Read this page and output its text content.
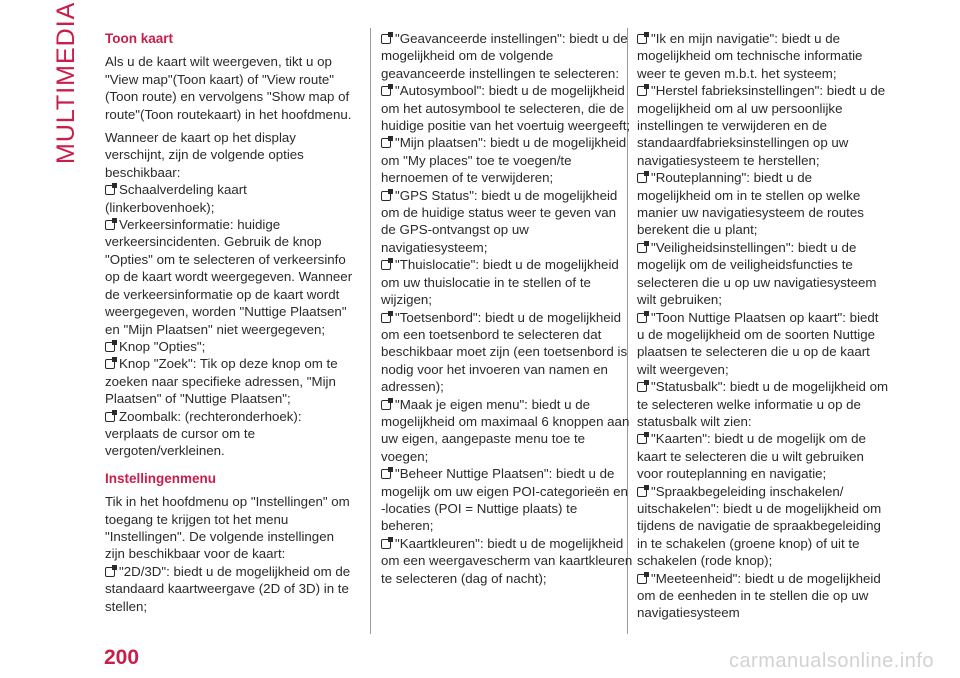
MULTIMEDIA Toon kaart
Als u de kaart wilt weergeven, tikt u op "View map"(Toon kaart) of "View route"(Toon route) en vervolgens "Show map of route"(Toon routekaart) in het hoofdmenu.
Wanneer de kaart op het display verschijnt, zijn de volgende opties beschikbaar:
Schaalverdeling kaart (linkerbovenhoek);
Verkeersinformatie: huidige verkeersincidenten. Gebruik de knop "Opties" om te selecteren of verkeersinfo op de kaart wordt weergegeven. Wanneer de verkeersinformatie op de kaart wordt weergegeven, worden "Nuttige Plaatsen" en "Mijn Plaatsen" niet weergegeven;
Knop "Opties";
Knop "Zoek": Tik op deze knop om te zoeken naar specifieke adressen, "Mijn Plaatsen" of "Nuttige Plaatsen";
Zoombalk: (rechteronderhoek): verplaats de cursor om te vergoten/verkleinen.
Instellingenmenu
Tik in het hoofdmenu op "Instellingen" om toegang te krijgen tot het menu "Instellingen". De volgende instellingen zijn beschikbaar voor de kaart:
"2D/3D": biedt u de mogelijkheid om de standaard kaartweergave (2D of 3D) in te stellen;
"Geavanceerde instellingen": biedt u de mogelijkheid om de volgende geavanceerde instellingen te selecteren:
"Autosymbool": biedt u de mogelijkheid om het autosymbool te selecteren, die de huidige positie van het voertuig weergeeft;
"Mijn plaatsen": biedt u de mogelijkheid om "My places" toe te voegen/te hernoemen of te verwijderen;
"GPS Status": biedt u de mogelijkheid om de huidige status weer te geven van de GPS-ontvangst op uw navigatiesysteem;
"Thuislocatie": biedt u de mogelijkheid om uw thuislocatie in te stellen of te wijzigen;
"Toetsenbord": biedt u de mogelijkheid om een toetsenbord te selecteren dat beschikbaar moet zijn (een toetsenbord is nodig voor het invoeren van namen en adressen);
"Maak je eigen menu": biedt u de mogelijkheid om maximaal 6 knoppen aan uw eigen, aangepaste menu toe te voegen;
"Beheer Nuttige Plaatsen": biedt u de mogelijk om uw eigen POI-categorieën en -locaties (POI = Nuttige plaats) te beheren;
"Kaartkleuren": biedt u de mogelijkheid om een weergavescherm van kaartkleuren te selecteren (dag of nacht);
"Ik en mijn navigatie": biedt u de mogelijkheid om technische informatie weer te geven m.b.t. het systeem;
"Herstel fabrieksinstellingen": biedt u de mogelijkheid om al uw persoonlijke instellingen te verwijderen en de standaardfabrieksinstellingen op uw navigatiesysteem te herstellen;
"Routeplanning": biedt u de mogelijkheid om in te stellen op welke manier uw navigatiesysteem de routes berekent die u plant;
"Veiligheidsinstellingen": biedt u de mogelijk om de veiligheidsfuncties te selecteren die u op uw navigatiesysteem wilt gebruiken;
"Toon Nuttige Plaatsen op kaart": biedt u de mogelijkheid om de soorten Nuttige plaatsen te selecteren die u op de kaart wilt weergeven;
"Statusbalk": biedt u de mogelijkheid om te selecteren welke informatie u op de statusbalk wilt zien:
"Kaarten": biedt u de mogelijk om de kaart te selecteren die u wilt gebruiken voor routeplanning en navigatie;
"Spraakbegeleiding inschakelen/ uitschakelen": biedt u de mogelijkheid om tijdens de navigatie de spraakbegeleiding in te schakelen (groene knop) of uit te schakelen (rode knop);
"Meeteenheid": biedt u de mogelijkheid om de eenheden in te stellen die op uw navigatiesysteem
200	carmanualsonline.info
